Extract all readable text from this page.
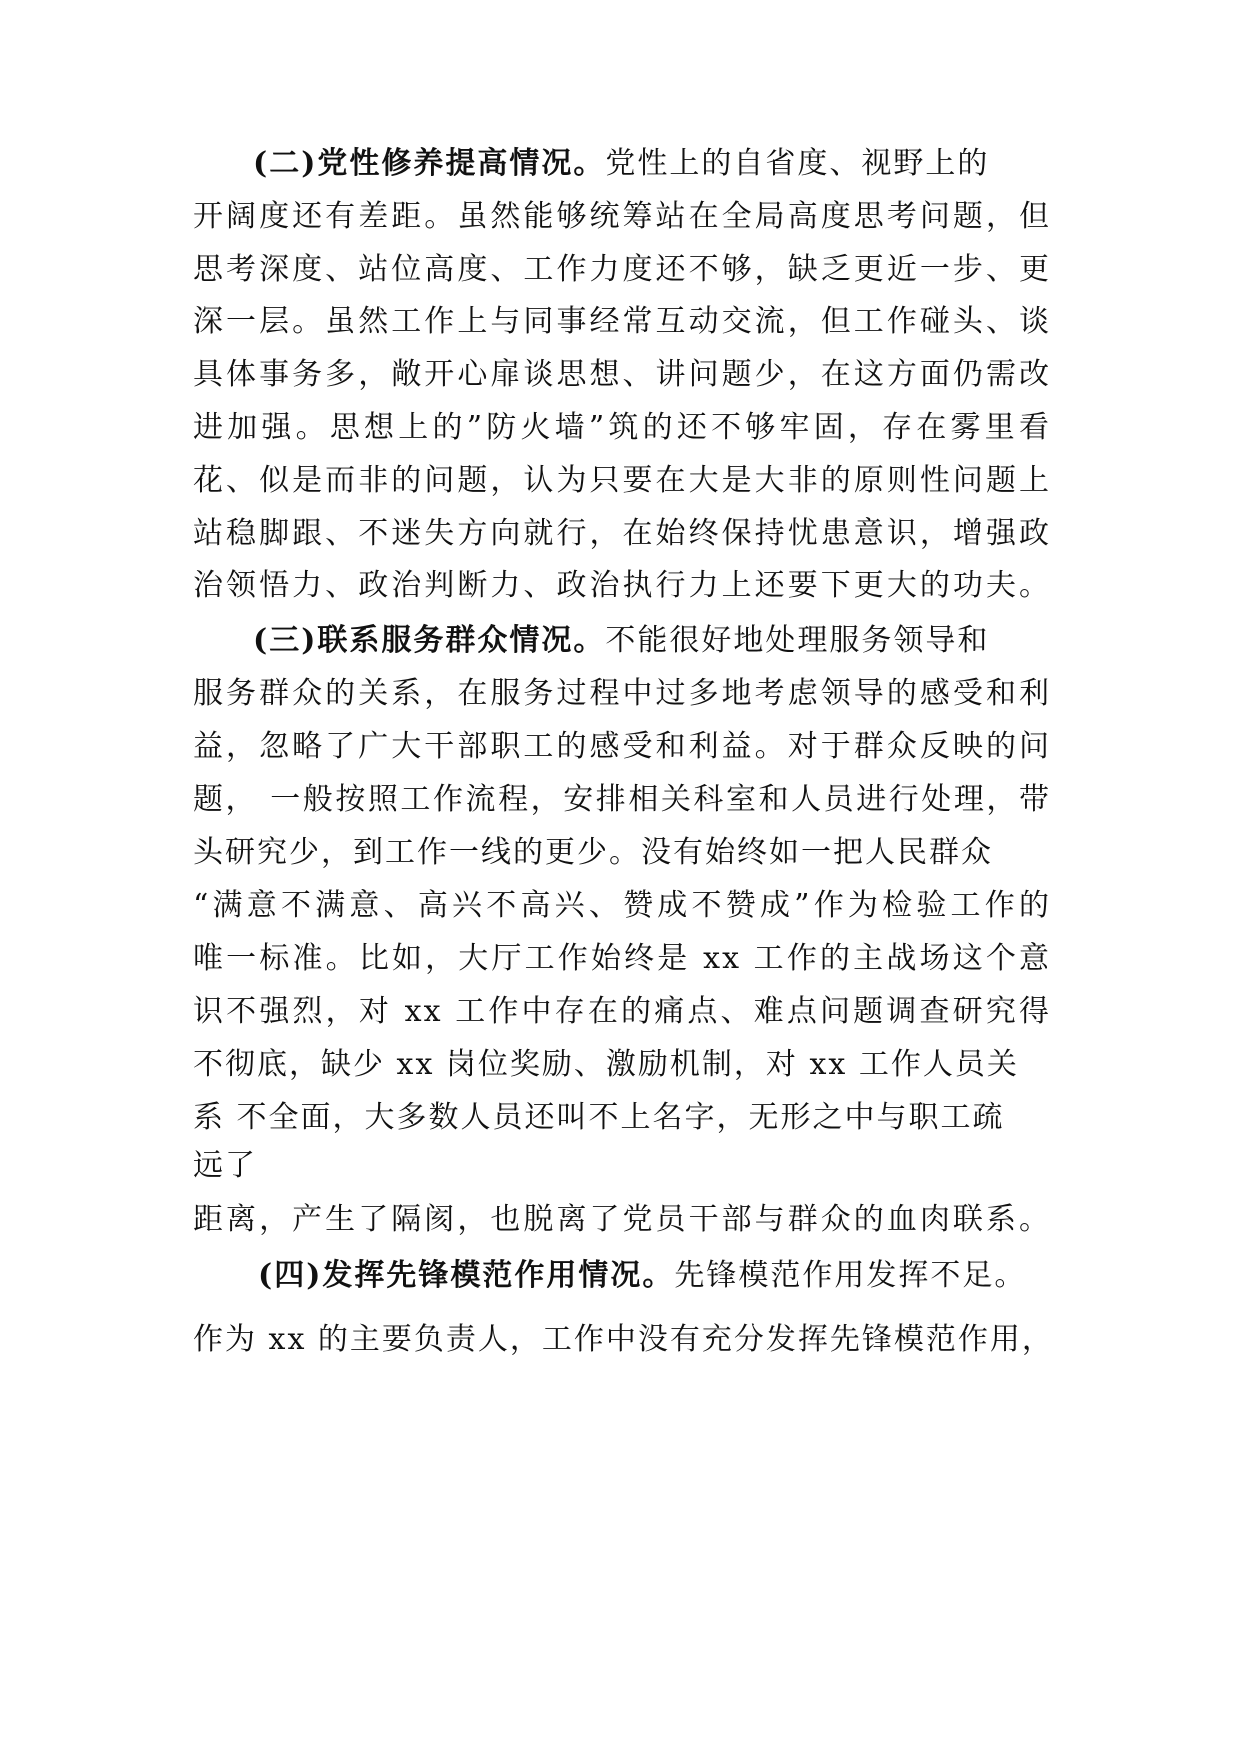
(二)党性修养提高情况。党性上的自省度、视野上的
开阔度还有差距。虽然能够统筹站在全局高度思考问题，但
思考深度、站位高度、工作力度还不够，缺乏更近一步、更
深一层。虽然工作上与同事经常互动交流，但工作碰头、谈
具体事务多，敞开心扉谈思想、讲问题少，在这方面仍需改
进加强。思想上的”防火墙”筑的还不够牢固，存在雾里看
花、似是而非的问题，认为只要在大是大非的原则性问题上
站稳脚跟、不迷失方向就行，在始终保持忧患意识，增强政
治领悟力、政治判断力、政治执行力上还要下更大的功夫。
(三)联系服务群众情况。不能很好地处理服务领导和
服务群众的关系，在服务过程中过多地考虑领导的感受和利
益，忽略了广大干部职工的感受和利益。对于群众反映的问
题， 一般按照工作流程，安排相关科室和人员进行处理，带
头研究少，到工作一线的更少。没有始终如一把人民群众
“满意不满意、高兴不高兴、赞成不赞成”作为检验工作的
唯一标准。比如，大厅工作始终是 xx 工作的主战场这个意
识不强烈，对 xx 工作中存在的痛点、难点问题调查研究得
不彻底，缺少 xx 岗位奖励、激励机制，对 xx 工作人员关
系 不全面，大多数人员还叫不上名字，无形之中与职工疏
远了
距离，产生了隔阂，也脱离了党员干部与群众的血肉联系。
(四)发挥先锋模范作用情况。先锋模范作用发挥不足。
作为 xx 的主要负责人，工作中没有充分发挥先锋模范作用，
